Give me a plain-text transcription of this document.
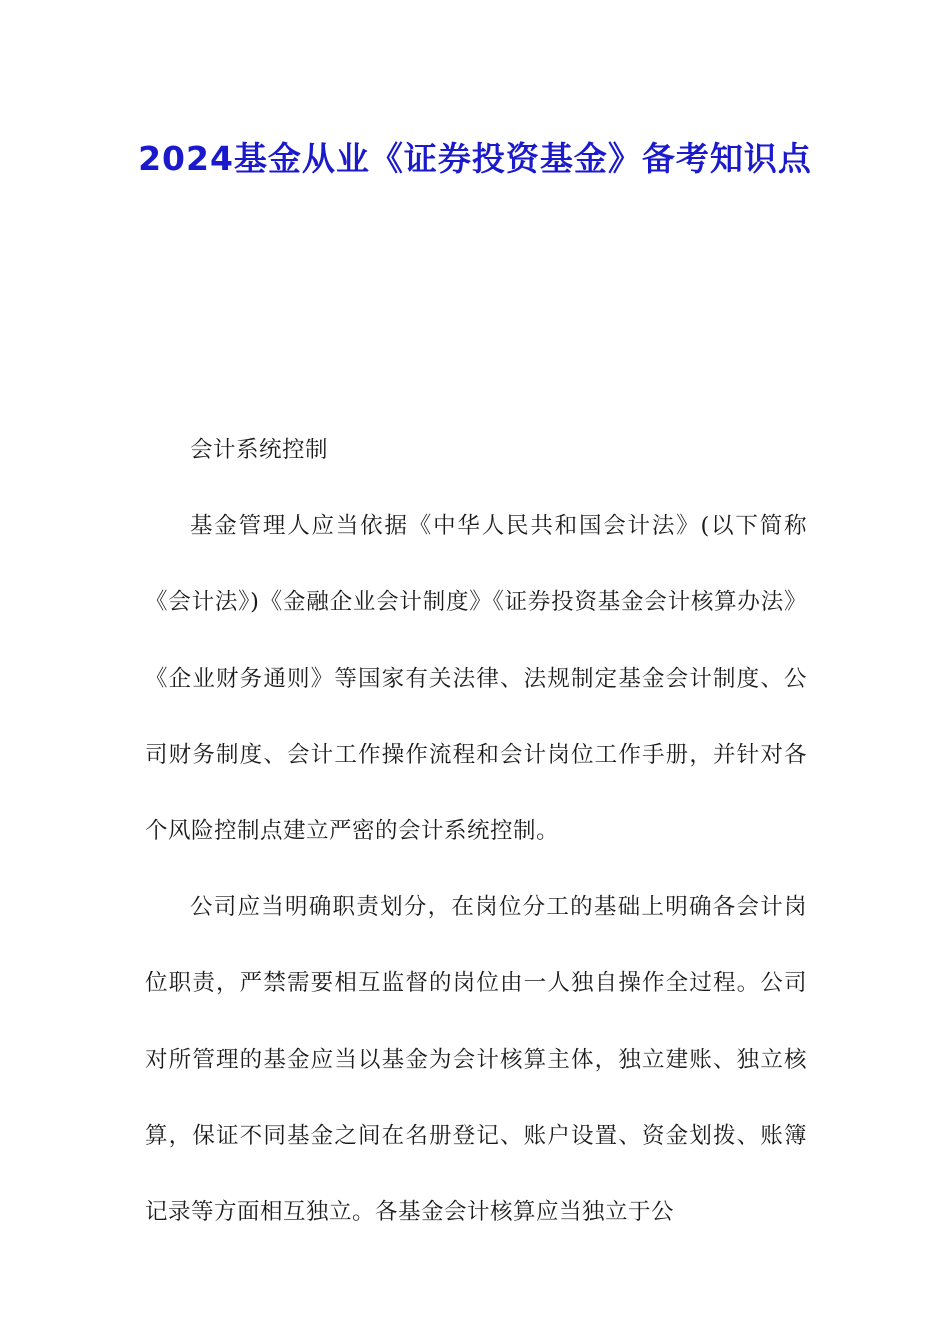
2024基金从业《证券投资基金》备考知识点

会计系统控制

基金管理人应当依据《中华人民共和国会计法》(以下简称《会计法》)《金融企业会计制度》《证券投资基金会计核算办法》《企业财务通则》等国家有关法律、法规制定基金会计制度、公司财务制度、会计工作操作流程和会计岗位工作手册，并针对各个风险控制点建立严密的会计系统控制。

公司应当明确职责划分，在岗位分工的基础上明确各会计岗位职责，严禁需要相互监督的岗位由一人独自操作全过程。公司对所管理的基金应当以基金为会计核算主体，独立建账、独立核算，保证不同基金之间在名册登记、账户设置、资金划拨、账簿记录等方面相互独立。各基金会计核算应当独立于公
